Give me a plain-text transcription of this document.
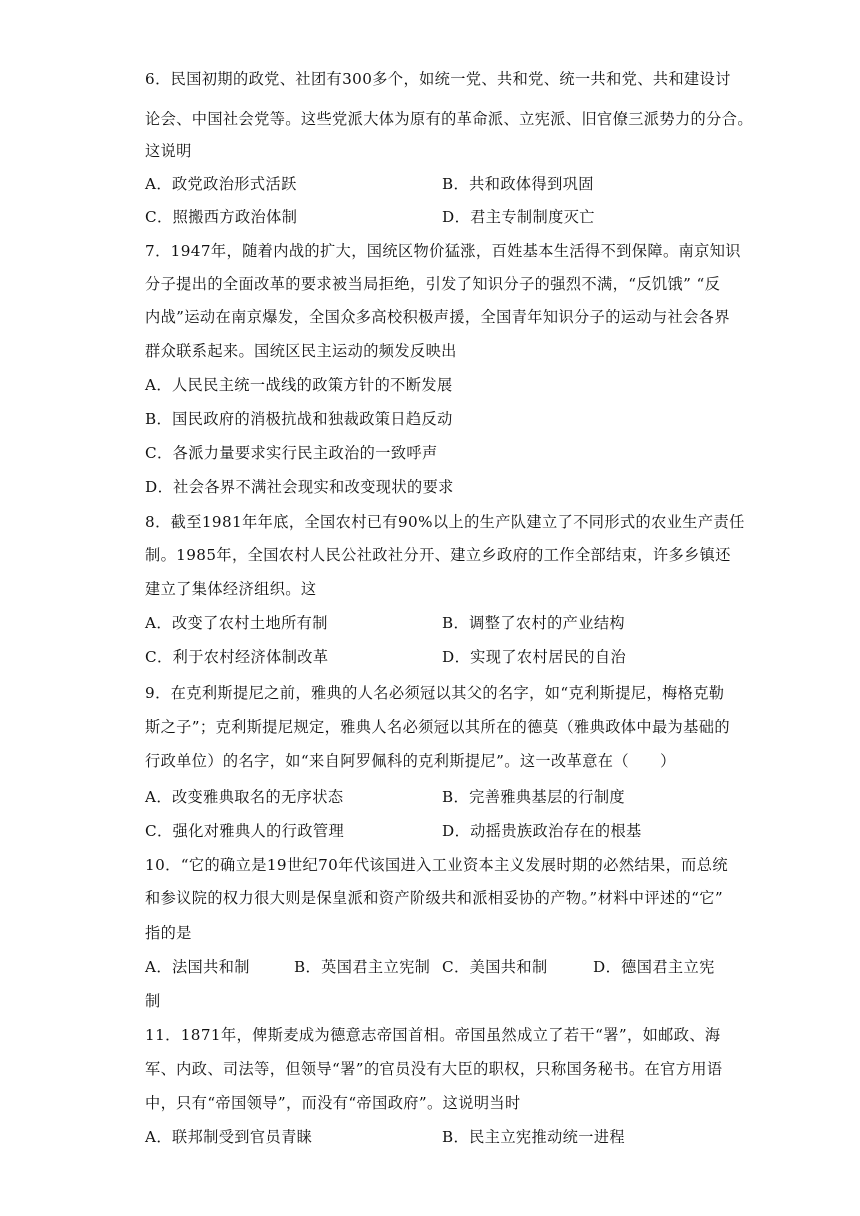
6．民国初期的政党、社团有300多个，如统一党、共和党、统一共和党、共和建设讨
论会、中国社会党等。这些党派大体为原有的革命派、立宪派、旧官僚三派势力的分合。
这说明
A．政党政治形式活跃	B．共和政体得到巩固
C．照搬西方政治体制	D．君主专制制度灭亡
7．1947年，随着内战的扩大，国统区物价猛涨，百姓基本生活得不到保障。南京知识
分子提出的全面改革的要求被当局拒绝，引发了知识分子的强烈不满，“反饥饿” “反
内战”运动在南京爆发，全国众多高校积极声援，全国青年知识分子的运动与社会各界
群众联系起来。国统区民主运动的频发反映出
A．人民民主统一战线的政策方针的不断发展
B．国民政府的消极抗战和独裁政策日趋反动
C．各派力量要求实行民主政治的一致呼声
D．社会各界不满社会现实和改变现状的要求
8．截至1981年年底，全国农村已有90%以上的生产队建立了不同形式的农业生产责任
制。1985年，全国农村人民公社政社分开、建立乡政府的工作全部结束，许多乡镇还
建立了集体经济组织。这
A．改变了农村土地所有制	B．调整了农村的产业结构
C．利于农村经济体制改革	D．实现了农村居民的自治
9．在克利斯提尼之前，雅典的人名必须冠以其父的名字，如“克利斯提尼，梅格克勒
斯之子”；克利斯提尼规定，雅典人名必须冠以其所在的德莫（雅典政体中最为基础的
行政单位）的名字，如“来自阿罗佩科的克利斯提尼”。这一改革意在（　　）
A．改变雅典取名的无序状态	B．完善雅典基层的行制度
C．强化对雅典人的行政管理	D．动摇贵族政治存在的根基
10．“它的确立是19世纪70年代该国进入工业资本主义发展时期的必然结果，而总统
和参议院的权力很大则是保皇派和资产阶级共和派相妥协的产物。”材料中评述的“它”
指的是
A．法国共和制	B．英国君主立宪制 C．美国共和制	D．德国君主立宪
制
11．1871年，俾斯麦成为德意志帝国首相。帝国虽然成立了若干“署”，如邮政、海
军、内政、司法等，但领导“署”的官员没有大臣的职权，只称国务秘书。在官方用语
中，只有“帝国领导”，而没有“帝国政府”。这说明当时
A．联邦制受到官员青睐	B．民主立宪推动统一进程
